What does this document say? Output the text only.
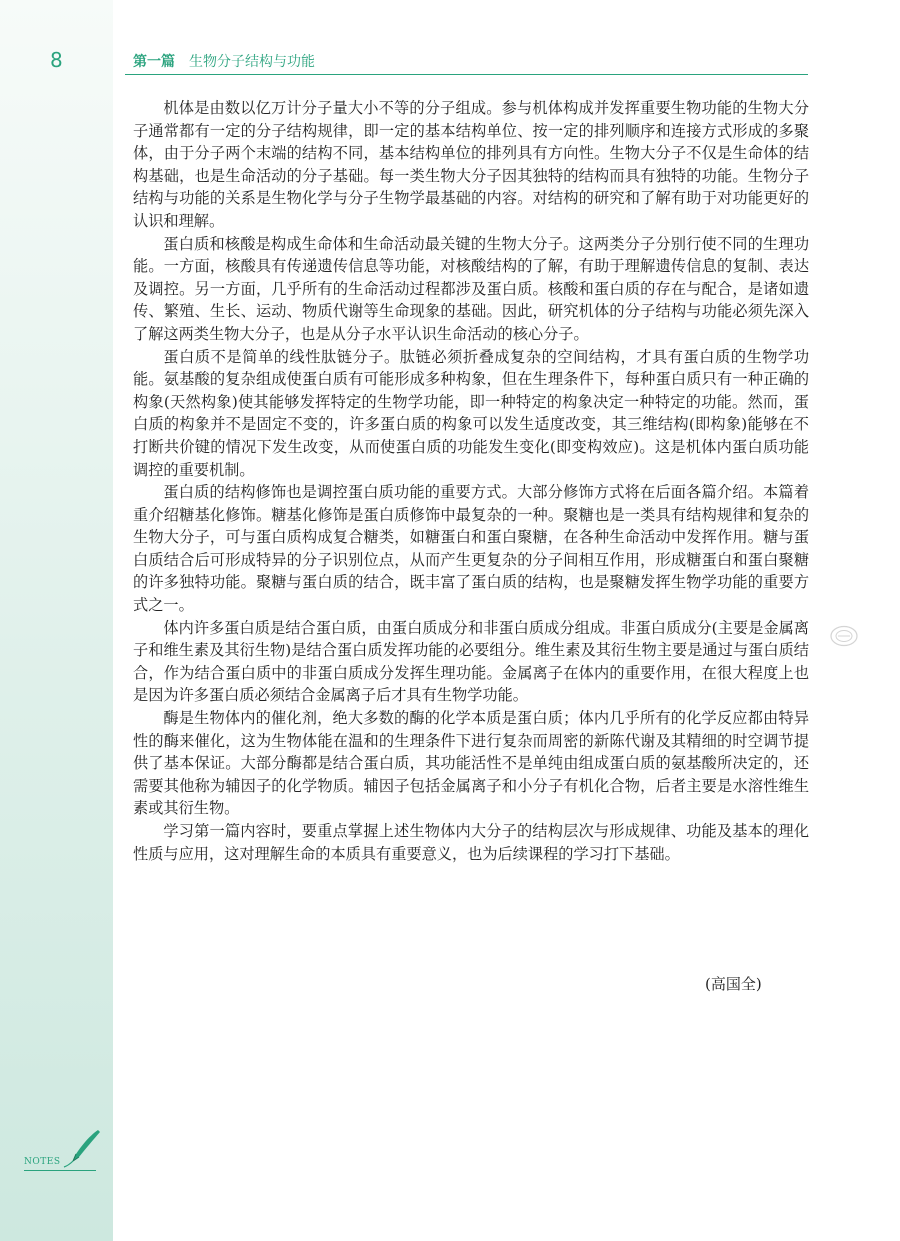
8	第一篇 生物分子结构与功能

机体是由数以亿万计分子量大小不等的分子组成。参与机体构成并发挥重要生物功能的生物大分子通常都有一定的分子结构规律，即一定的基本结构单位、按一定的排列顺序和连接方式形成的多聚体，由于分子两个末端的结构不同，基本结构单位的排列具有方向性。生物大分子不仅是生命体的结构基础，也是生命活动的分子基础。每一类生物大分子因其独特的结构而具有独特的功能。生物分子结构与功能的关系是生物化学与分子生物学最基础的内容。对结构的研究和了解有助于对功能更好的认识和理解。

蛋白质和核酸是构成生命体和生命活动最关键的生物大分子。这两类分子分别行使不同的生理功能。一方面，核酸具有传递遗传信息等功能，对核酸结构的了解，有助于理解遗传信息的复制、表达及调控。另一方面，几乎所有的生命活动过程都涉及蛋白质。核酸和蛋白质的存在与配合，是诸如遗传、繁殖、生长、运动、物质代谢等生命现象的基础。因此，研究机体的分子结构与功能必须先深入了解这两类生物大分子，也是从分子水平认识生命活动的核心分子。

蛋白质不是简单的线性肽链分子。肽链必须折叠成复杂的空间结构，才具有蛋白质的生物学功能。氨基酸的复杂组成使蛋白质有可能形成多种构象，但在生理条件下，每种蛋白质只有一种正确的构象(天然构象)使其能够发挥特定的生物学功能，即一种特定的构象决定一种特定的功能。然而，蛋白质的构象并不是固定不变的，许多蛋白质的构象可以发生适度改变，其三维结构(即构象)能够在不打断共价键的情况下发生改变，从而使蛋白质的功能发生变化(即变构效应)。这是机体内蛋白质功能调控的重要机制。

蛋白质的结构修饰也是调控蛋白质功能的重要方式。大部分修饰方式将在后面各篇介绍。本篇着重介绍糖基化修饰。糖基化修饰是蛋白质修饰中最复杂的一种。聚糖也是一类具有结构规律和复杂的生物大分子，可与蛋白质构成复合糖类，如糖蛋白和蛋白聚糖，在各种生命活动中发挥作用。糖与蛋白质结合后可形成特异的分子识别位点，从而产生更复杂的分子间相互作用，形成糖蛋白和蛋白聚糖的许多独特功能。聚糖与蛋白质的结合，既丰富了蛋白质的结构，也是聚糖发挥生物学功能的重要方式之一。

体内许多蛋白质是结合蛋白质，由蛋白质成分和非蛋白质成分组成。非蛋白质成分(主要是金属离子和维生素及其衍生物)是结合蛋白质发挥功能的必要组分。维生素及其衍生物主要是通过与蛋白质结合，作为结合蛋白质中的非蛋白质成分发挥生理功能。金属离子在体内的重要作用，在很大程度上也是因为许多蛋白质必须结合金属离子后才具有生物学功能。

酶是生物体内的催化剂，绝大多数的酶的化学本质是蛋白质；体内几乎所有的化学反应都由特异性的酶来催化，这为生物体能在温和的生理条件下进行复杂而周密的新陈代谢及其精细的时空调节提供了基本保证。大部分酶都是结合蛋白质，其功能活性不是单纯由组成蛋白质的氨基酸所决定的，还需要其他称为辅因子的化学物质。辅因子包括金属离子和小分子有机化合物，后者主要是水溶性维生素或其衍生物。

学习第一篇内容时，要重点掌握上述生物体内大分子的结构层次与形成规律、功能及基本的理化性质与应用，这对理解生命的本质具有重要意义，也为后续课程的学习打下基础。

(高国全)
NOTES
